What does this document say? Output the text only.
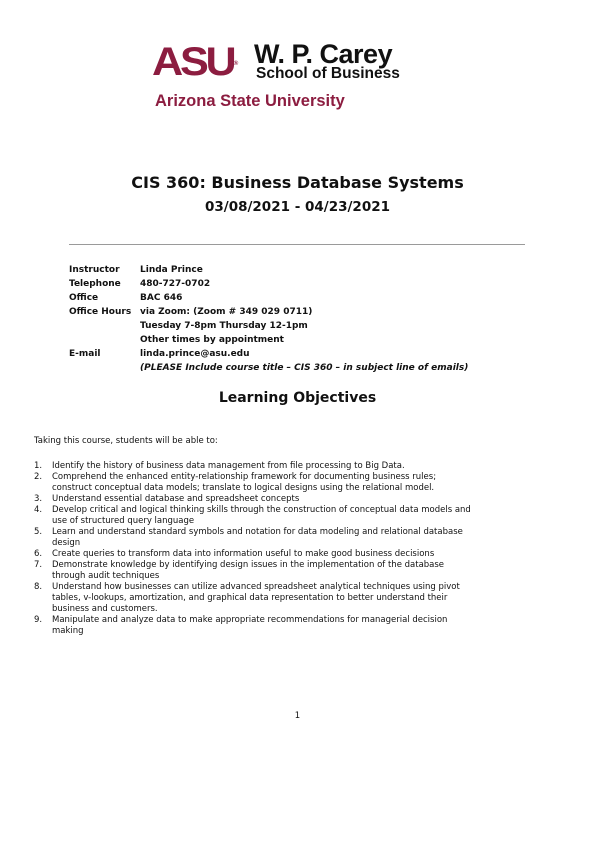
ASU® W. P. Carey
School of Business
Arizona State University
CIS 360: Business Database Systems
03/08/2021 - 04/23/2021
Instructor Linda Prince
Telephone 480-727-0702
Office	BAC 646
Office Hours via Zoom: (Zoom # 349 029 0711)
Tuesday 7-8pm Thursday 12-1pm
Other times by appointment
E-mail	linda.prince@asu.edu
(PLEASE Include course title – CIS 360 – in subject line of emails)
Learning Objectives
Taking this course, students will be able to:
1. Identify the history of business data management from file processing to Big Data.
2. Comprehend the enhanced entity-relationship framework for documenting business rules;
construct conceptual data models; translate to logical designs using the relational model.
3. Understand essential database and spreadsheet concepts
4. Develop critical and logical thinking skills through the construction of conceptual data models and
use of structured query language
5. Learn and understand standard symbols and notation for data modeling and relational database
design
6. Create queries to transform data into information useful to make good business decisions
7. Demonstrate knowledge by identifying design issues in the implementation of the database
through audit techniques
8. Understand how businesses can utilize advanced spreadsheet analytical techniques using pivot
tables, v-lookups, amortization, and graphical data representation to better understand their
business and customers.
9. Manipulate and analyze data to make appropriate recommendations for managerial decision
making
1
